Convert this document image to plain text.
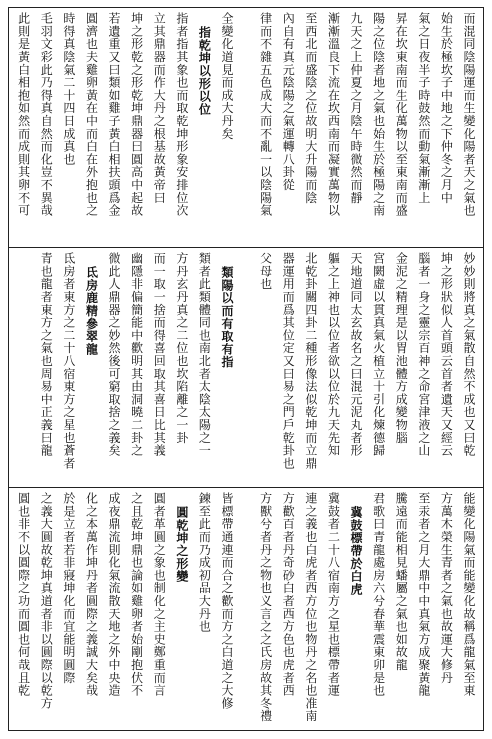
而混同陰陽運而生變化陽者天之氣也
始生於極坎子中地之下仲冬之月中
氣之日夜半子時鼓然而動氣漸漸上
昇在坎東南而生化萬物以至東南而盛
陽之位陰者地之氣也始生於極陽之南
九天之上仲夏之月陰午時微然而靜
漸漸溫良下流在坎西南而凝實萬物以
至西北而盛陰之位故明大升陽而陰
內自有真元陰陽之氣運轉八卦從
律而不雜五色成大而不亂一以陰陽氣
全變化道見而成大丹矣
指乾坤以形以位
指者指其象也而取乾坤形象安排位次
立其鼎器而作大丹之根基故黃帝曰
坤之形乾之形乾坤鼎器曰圓高中起故
若遺重又曰類如雞子黃白相扶頭爲金
圓濟也夫雞卵黃在中而白在外抱也之
時得真陰氣二十四日成真也
毛羽文彩此乃得真自然而化豈不異哉
此則是黃白相抱如然而成則其卵不可
妙妙則將真之氣散自然不成也又曰乾
坤之形狀似人首頭云首者遺天又經云
腦者一身之靈宗百神之命宮津液之山
金泥之精理是以胃池體方成變物腦
宮闕虛以貫真氣火植立十引化煉德歸
天地道同太玄故名之曰混元泥丸者形
軀之上神也以位者欲以位於九天先知
北乾卦關四卦二種形像法似乾坤而立鼎
器運用而爲其位定又曰易之門戶乾卦也
父母也
類陽以而有取有指
類者此類體同也南北者太陰太陽之一
方丹玄丹真之二位也坎陷離之一卦
而一取一捨而得喜回取其喜日比其義
幽隱非偏簡能中歡明其由洞曉二卦之
微此人鼎器之妙然後可窮取捨之義矣
氐房鹿精參翠龍
氐房者東方之二十八宿東方之星也蒼者
青也龍者東方之氣也周易中正義曰龍
能變化陽氣而能變化故稱爲龍氣至東
方萬木榮生青者之氣也故運大修丹
至汞者之月大鼎中中真氣方成聚黃龍
騰遠而能相見蟠屬之氣也如故龍
君歌曰青龍處房六兮春華震東卯是也
冀鼓標帶於白虎
冀鼓者二十八宿南方之星也標帶者運
連之義也白虎者西方位也物丹之名也准南
方歡百者丹奇砂白者西方色也虎者西
方獸兮者丹之物也义言之之氏房故其冬禮
皆標帶通連而合之歡而方之白道之大修
鍊至此而乃成初品大丹也
圓乾坤之形變
圓者革圓之象也制化之主史鄭重而言
之且乾坤鼎也論如雞卵者始剛抱伏不
成夜鼎流則化氣流散天地之外中央造
化之本萬作坤丹者圓際之義誠大矣哉
於是立者若非寢坤化而宜能明圓際
之義大圓故乾坤真道者非以圓際以乾方
圓也非不以圓際之功而圓也何哉且乾
